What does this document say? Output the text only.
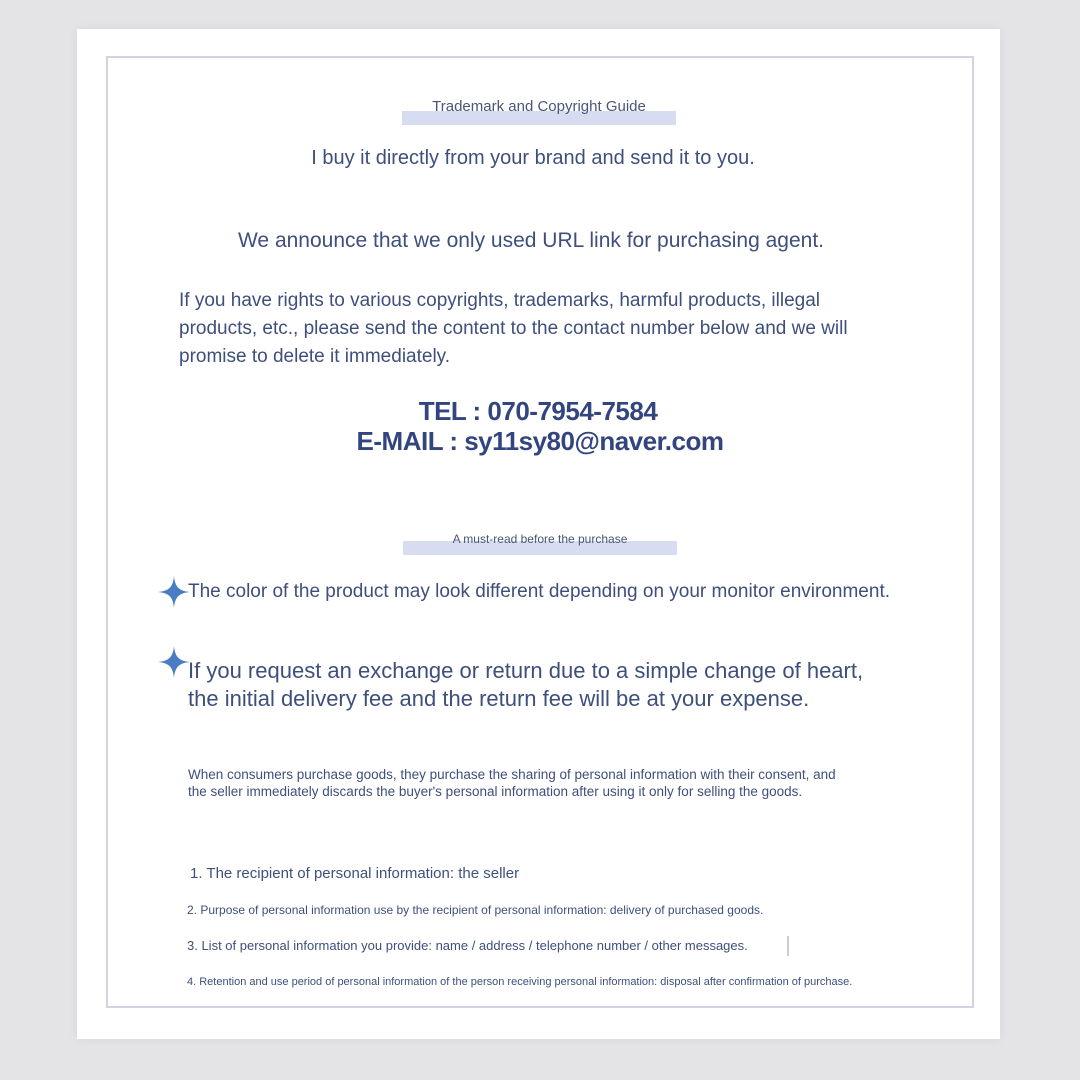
Trademark and Copyright Guide

I buy it directly from your brand and send it to you.

We announce that we only used URL link for purchasing agent.

If you have rights to various copyrights, trademarks, harmful products, illegal

products, etc., please send the content to the contact number below and we will

promise to delete it immediately.

TEL : 070-7954-7584
E-MAIL : sy11sy80@naver.com
A must-read before the purchase

The color of the product may look different depending on your monitor environment.

If you request an exchange or return due to a simple change of heart,

the initial delivery fee and the return fee will be at your expense.

When consumers purchase goods, they purchase the sharing of personal information with their consent, and

the seller immediately discards the buyer's personal information after using it only for selling the goods.

1. The recipient of personal information: the seller

2. Purpose of personal information use by the recipient of personal information: delivery of purchased goods.

3. List of personal information you provide: name / address / telephone number / other messages.

4. Retention and use period of personal information of the person receiving personal information: disposal after confirmation of purchase.
